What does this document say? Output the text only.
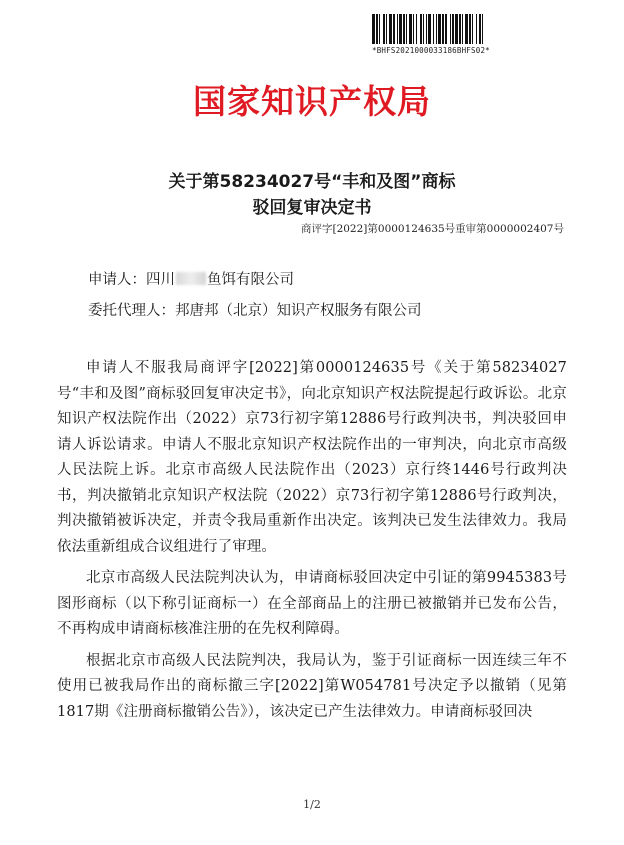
*BHFS2021000033186BHFS02*
国家知识产权局
关于第58234027号“丰和及图”商标
驳回复审决定书
商评字[2022]第0000124635号重审第0000002407号

申请人：四川 鱼饵有限公司

委托代理人：邦唐邦（北京）知识产权服务有限公司

申请人不服我局商评字[2022]第0000124635号《关于第58234027号“丰和及图”商标驳回复审决定书》，向北京知识产权法院提起行政诉讼。北京知识产权法院作出（2022）京73行初字第12886号行政判决书，判决驳回申请人诉讼请求。申请人不服北京知识产权法院作出的一审判决，向北京市高级人民法院上诉。北京市高级人民法院作出（2023）京行终1446号行政判决书，判决撤销北京知识产权法院（2022）京73行初字第12886号行政判决，判决撤销被诉决定，并责令我局重新作出决定。该判决已发生法律效力。我局依法重新组成合议组进行了审理。

北京市高级人民法院判决认为，申请商标驳回决定中引证的第9945383号图形商标（以下称引证商标一）在全部商品上的注册已被撤销并已发布公告，不再构成申请商标核准注册的在先权利障碍。

根据北京市高级人民法院判决，我局认为，鉴于引证商标一因连续三年不使用已被我局作出的商标撤三字[2022]第W054781号决定予以撤销（见第1817期《注册商标撤销公告》），该决定已产生法律效力。申请商标驳回决

1/2
